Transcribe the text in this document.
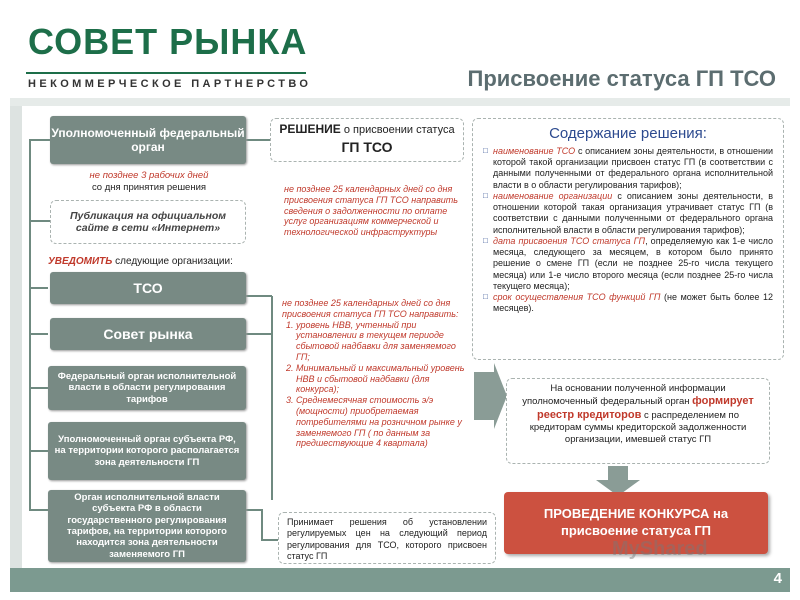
СОВЕТ РЫНКА
НЕКОММЕРЧЕСКОЕ ПАРТНЕРСТВО	Присвоение статуса ГП ТСО
Уполномоченный федеральный орган
не позднее 3 рабочих дней
со дня принятия решения
Публикация на официальном сайте в сети «Интернет»
УВЕДОМИТЬ следующие организации:
ТСО
Совет рынка
Федеральный орган исполнительной власти в области регулирования тарифов
Уполномоченный орган субъекта РФ, на территории которого располагается зона деятельности ГП
Орган исполнительной власти субъекта РФ в области государственного регулирования тарифов, на территории которого находится зона деятельности заменяемого ГП
РЕШЕНИЕ о присвоении статуса
ГП ТСО
не позднее 25 календарных дней со дня присвоения статуса ГП ТСО направить сведения о задолженности по оплате услуг организациям коммерческой и технологической инфраструктуры
не позднее 25 календарных дней со дня присвоения статуса ГП ТСО направить:
1. уровень НВВ, учтенный при установлении в текущем периоде сбытовой надбавки для заменяемого ГП;
2. Минимальный и максимальный уровень НВВ и сбытовой надбавки (для конкурса);
3. Среднемесячная стоимость э/э (мощности) приобретаемая потребителями на розничном рынке у заменяемого ГП ( по данным за предшествующие 4 квартала)
Принимает решения об установлении регулируемых цен на следующий период регулирования для ТСО, которого присвоен статус ГП
Содержание решения:
□ наименование ТСО с описанием зоны деятельности, в отношении которой такой организации присвоен статус ГП (в соответствии с данными полученными от федерального органа исполнительной власти в о области регулирования тарифов);
□ наименование организации с описанием зоны деятельности, в отношении которой такая организация утрачивает статус ГП (в соответствии с данными полученными от федерального органа исполнительной власти в области регулирования тарифов);
□ дата присвоения ТСО статуса ГП, определяемую как 1-е число месяца, следующего за месяцем, в котором было принято решение о смене ГП (если не позднее 25-го числа текущего месяца) или 1-е число второго месяца (если позднее 25-го числа текущего месяца);
□ срок осуществления ТСО функций ГП (не может быть более 12 месяцев).
На основании полученной информации уполномоченный федеральный орган формирует реестр кредиторов с распределением по кредиторам суммы кредиторской задолженности организации, имевшей статус ГП
ПРОВЕДЕНИЕ КОНКУРСА на присвоение статуса ГП
MyShared
4
